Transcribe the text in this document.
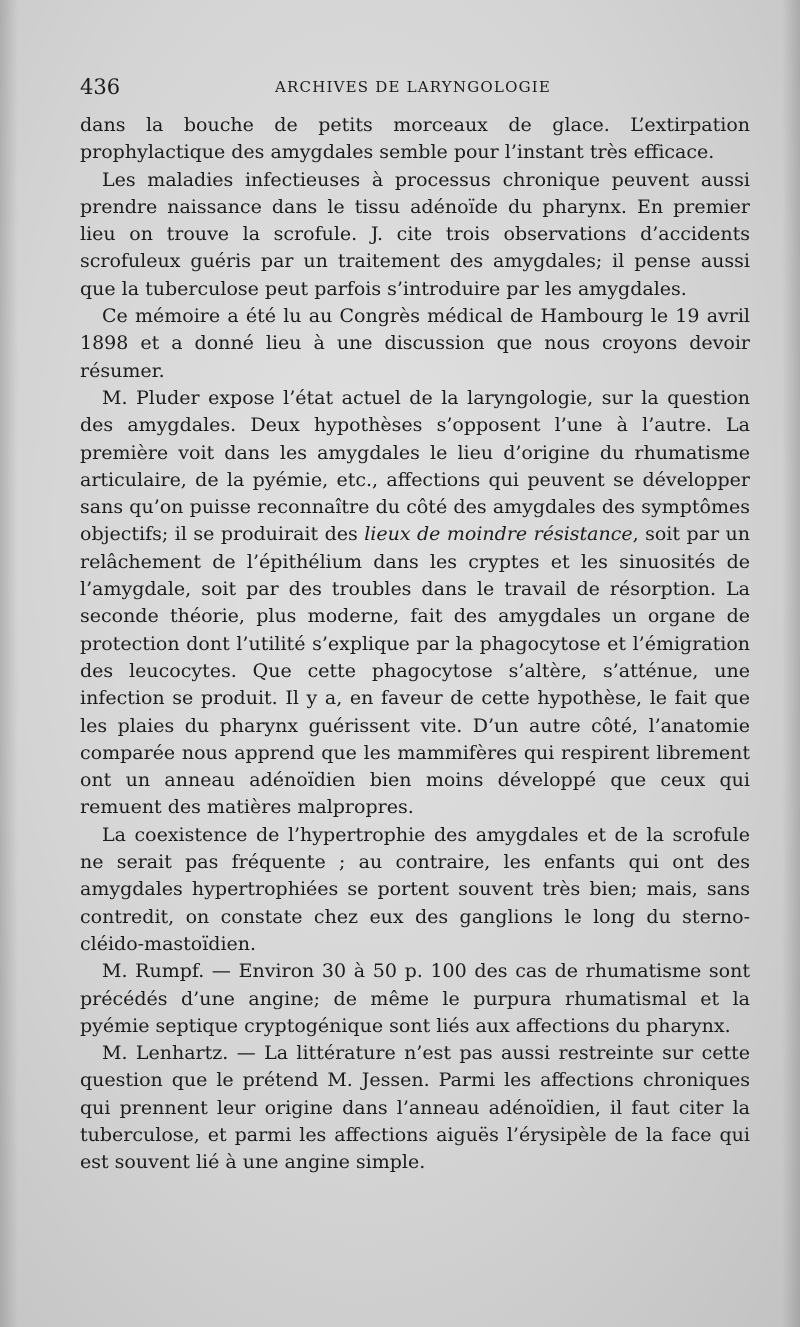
436	ARCHIVES DE LARYNGOLOGIE

dans la bouche de petits morceaux de glace. L’extirpation prophylactique des amygdales semble pour l’instant très efficace.

Les maladies infectieuses à processus chronique peuvent aussi prendre naissance dans le tissu adénoïde du pharynx. En premier lieu on trouve la scrofule. J. cite trois observations d’accidents scrofuleux guéris par un traitement des amygdales; il pense aussi que la tuberculose peut parfois s’introduire par les amygdales.

Ce mémoire a été lu au Congrès médical de Hambourg le 19 avril 1898 et a donné lieu à une discussion que nous croyons devoir résumer.

M. Pluder expose l’état actuel de la laryngologie, sur la question des amygdales. Deux hypothèses s’opposent l’une à l’autre. La première voit dans les amygdales le lieu d’origine du rhumatisme articulaire, de la pyémie, etc., affections qui peuvent se développer sans qu’on puisse reconnaître du côté des amygdales des symptômes objectifs; il se produirait des lieux de moindre résistance, soit par un relâchement de l’épithélium dans les cryptes et les sinuosités de l’amygdale, soit par des troubles dans le travail de résorption. La seconde théorie, plus moderne, fait des amygdales un organe de protection dont l’utilité s’explique par la phagocytose et l’émigration des leucocytes. Que cette phagocytose s’altère, s’atténue, une infection se produit. Il y a, en faveur de cette hypothèse, le fait que les plaies du pharynx guérissent vite. D’un autre côté, l’anatomie comparée nous apprend que les mammifères qui respirent librement ont un anneau adénoïdien bien moins développé que ceux qui remuent des matières malpropres.

La coexistence de l’hypertrophie des amygdales et de la scrofule ne serait pas fréquente ; au contraire, les enfants qui ont des amygdales hypertrophiées se portent souvent très bien; mais, sans contredit, on constate chez eux des ganglions le long du sterno-cléido-mastoïdien.

M. Rumpf. — Environ 30 à 50 p. 100 des cas de rhumatisme sont précédés d’une angine; de même le purpura rhumatismal et la pyémie septique cryptogénique sont liés aux affections du pharynx.

M. Lenhartz. — La littérature n’est pas aussi restreinte sur cette question que le prétend M. Jessen. Parmi les affections chroniques qui prennent leur origine dans l’anneau adénoïdien, il faut citer la tuberculose, et parmi les affections aiguës l’érysipèle de la face qui est souvent lié à une angine simple.
